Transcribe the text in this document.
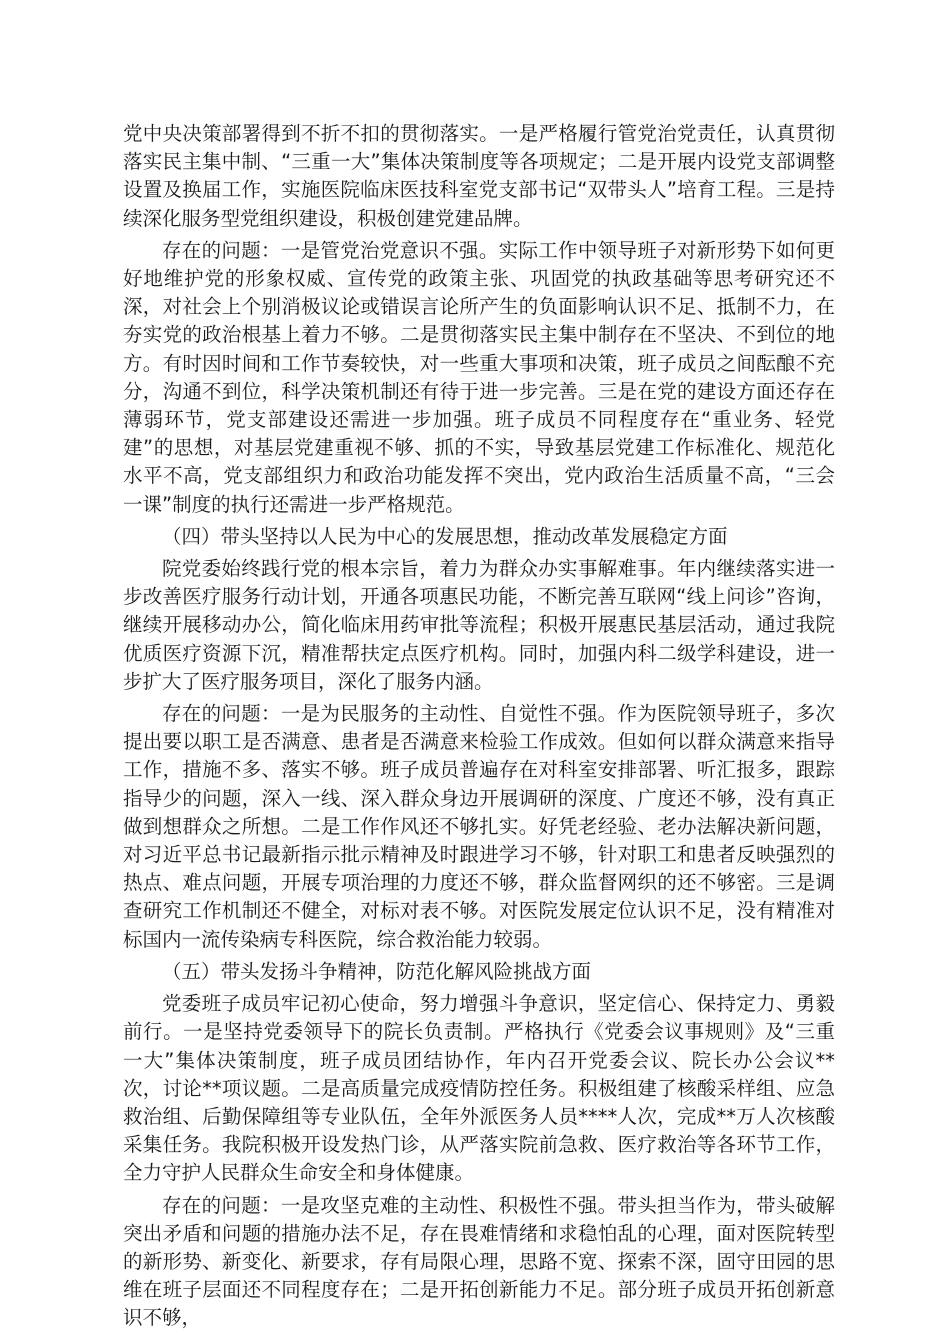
党中央决策部署得到不折不扣的贯彻落实。一是严格履行管党治党责任，认真贯彻落实民主集中制、“三重一大”集体决策制度等各项规定；二是开展内设党支部调整设置及换届工作，实施医院临床医技科室党支部书记“双带头人”培育工程。三是持续深化服务型党组织建设，积极创建党建品牌。

存在的问题：一是管党治党意识不强。实际工作中领导班子对新形势下如何更好地维护党的形象权威、宣传党的政策主张、巩固党的执政基础等思考研究还不深，对社会上个别消极议论或错误言论所产生的负面影响认识不足、抵制不力，在夯实党的政治根基上着力不够。二是贯彻落实民主集中制存在不坚决、不到位的地方。有时因时间和工作节奏较快，对一些重大事项和决策，班子成员之间酝酿不充分，沟通不到位，科学决策机制还有待于进一步完善。三是在党的建设方面还存在薄弱环节，党支部建设还需进一步加强。班子成员不同程度存在“重业务、轻党建”的思想，对基层党建重视不够、抓的不实，导致基层党建工作标准化、规范化水平不高，党支部组织力和政治功能发挥不突出，党内政治生活质量不高，“三会一课”制度的执行还需进一步严格规范。

（四）带头坚持以人民为中心的发展思想，推动改革发展稳定方面

院党委始终践行党的根本宗旨，着力为群众办实事解难事。年内继续落实进一步改善医疗服务行动计划，开通各项惠民功能，不断完善互联网“线上问诊”咨询，继续开展移动办公，简化临床用药审批等流程；积极开展惠民基层活动，通过我院优质医疗资源下沉，精准帮扶定点医疗机构。同时，加强内科二级学科建设，进一步扩大了医疗服务项目，深化了服务内涵。

存在的问题：一是为民服务的主动性、自觉性不强。作为医院领导班子，多次提出要以职工是否满意、患者是否满意来检验工作成效。但如何以群众满意来指导工作，措施不多、落实不够。班子成员普遍存在对科室安排部署、听汇报多，跟踪指导少的问题，深入一线、深入群众身边开展调研的深度、广度还不够，没有真正做到想群众之所想。二是工作作风还不够扎实。好凭老经验、老办法解决新问题，对习近平总书记最新指示批示精神及时跟进学习不够，针对职工和患者反映强烈的热点、难点问题，开展专项治理的力度还不够，群众监督网织的还不够密。三是调查研究工作机制还不健全，对标对表不够。对医院发展定位认识不足，没有精准对标国内一流传染病专科医院，综合救治能力较弱。

（五）带头发扬斗争精神，防范化解风险挑战方面

党委班子成员牢记初心使命，努力增强斗争意识，坚定信心、保持定力、勇毅前行。一是坚持党委领导下的院长负责制。严格执行《党委会议事规则》及“三重一大”集体决策制度，班子成员团结协作，年内召开党委会议、院长办公会议**次，讨论**项议题。二是高质量完成疫情防控任务。积极组建了核酸采样组、应急救治组、后勤保障组等专业队伍，全年外派医务人员****人次，完成**万人次核酸采集任务。我院积极开设发热门诊，从严落实院前急救、医疗救治等各环节工作，全力守护人民群众生命安全和身体健康。

存在的问题：一是攻坚克难的主动性、积极性不强。带头担当作为，带头破解突出矛盾和问题的措施办法不足，存在畏难情绪和求稳怕乱的心理，面对医院转型的新形势、新变化、新要求，存有局限心理，思路不宽、探索不深，固守田园的思维在班子层面还不同程度存在；二是开拓创新能力不足。部分班子成员开拓创新意识不够，
